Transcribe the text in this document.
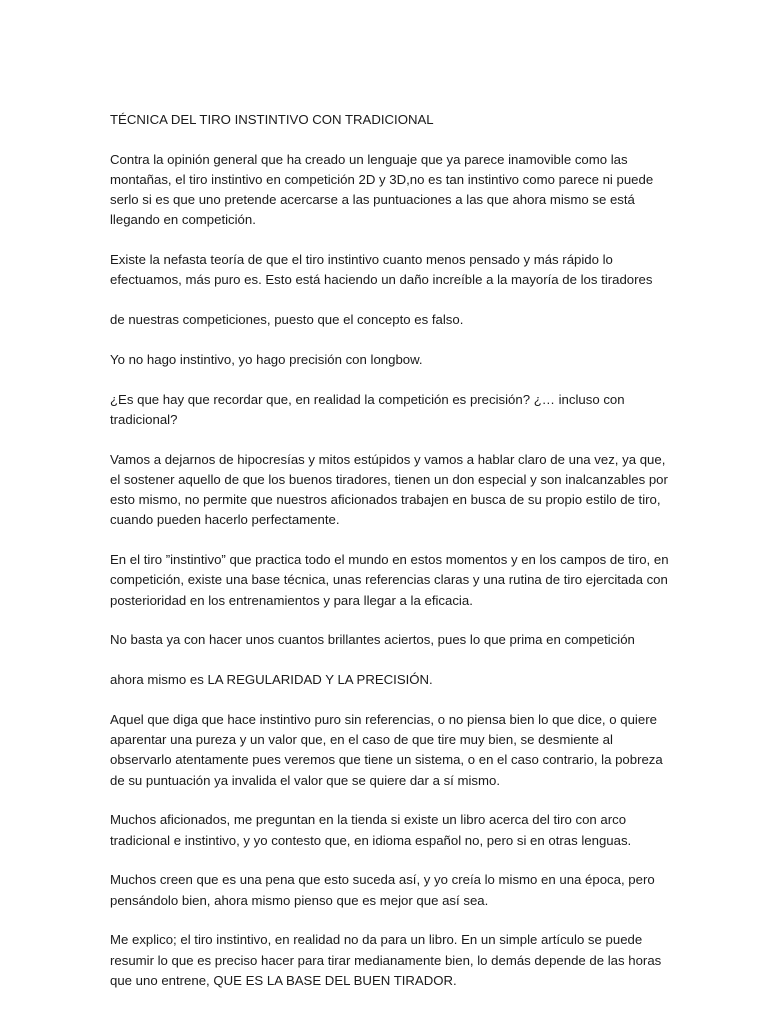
TÉCNICA DEL TIRO INSTINTIVO CON TRADICIONAL

Contra la opinión general que ha creado un lenguaje que ya parece inamovible como las montañas, el tiro instintivo en competición 2D y 3D,no es tan instintivo como parece ni puede serlo si es que uno pretende acercarse a las puntuaciones a las que ahora mismo se está llegando en competición.

Existe la nefasta teoría de que el tiro instintivo cuanto menos pensado y más rápido lo efectuamos, más puro es. Esto está haciendo un daño increíble a la mayoría de los tiradores

de nuestras competiciones, puesto que el concepto es falso.

Yo no hago instintivo, yo hago precisión con longbow.

¿Es que hay que recordar que, en realidad la competición es precisión? ¿… incluso con tradicional?

Vamos a dejarnos de hipocresías y mitos estúpidos y vamos a hablar claro de una vez, ya que, el sostener aquello de que los buenos tiradores, tienen un don especial y son inalcanzables por esto mismo, no permite que nuestros aficionados trabajen en busca de su propio estilo de tiro, cuando pueden hacerlo perfectamente.

En el tiro ”instintivo” que practica todo el mundo en estos momentos y en los campos de tiro, en competición, existe una base técnica, unas referencias claras y una rutina de tiro ejercitada con posterioridad en los entrenamientos y para llegar a la eficacia.

No basta ya con hacer unos cuantos brillantes aciertos, pues lo que prima en competición

ahora mismo es LA REGULARIDAD Y LA PRECISIÓN.

Aquel que diga que hace instintivo puro sin referencias, o no piensa bien lo que dice, o quiere aparentar una pureza y un valor que, en el caso de que tire muy bien, se desmiente al observarlo atentamente pues veremos que tiene un sistema, o en el caso contrario, la pobreza de su puntuación ya invalida el valor que se quiere dar a sí mismo.

Muchos aficionados, me preguntan en la tienda si existe un libro acerca del tiro con arco tradicional e instintivo, y yo contesto que, en idioma español no, pero si en otras lenguas.

Muchos creen que es una pena que esto suceda así, y yo creía lo mismo en una época, pero pensándolo bien, ahora mismo pienso que es mejor que así sea.

Me explico; el tiro instintivo, en realidad no da para un libro. En un simple artículo se puede resumir lo que es preciso hacer para tirar medianamente bien, lo demás depende de las horas que uno entrene, QUE ES LA BASE DEL BUEN TIRADOR.
